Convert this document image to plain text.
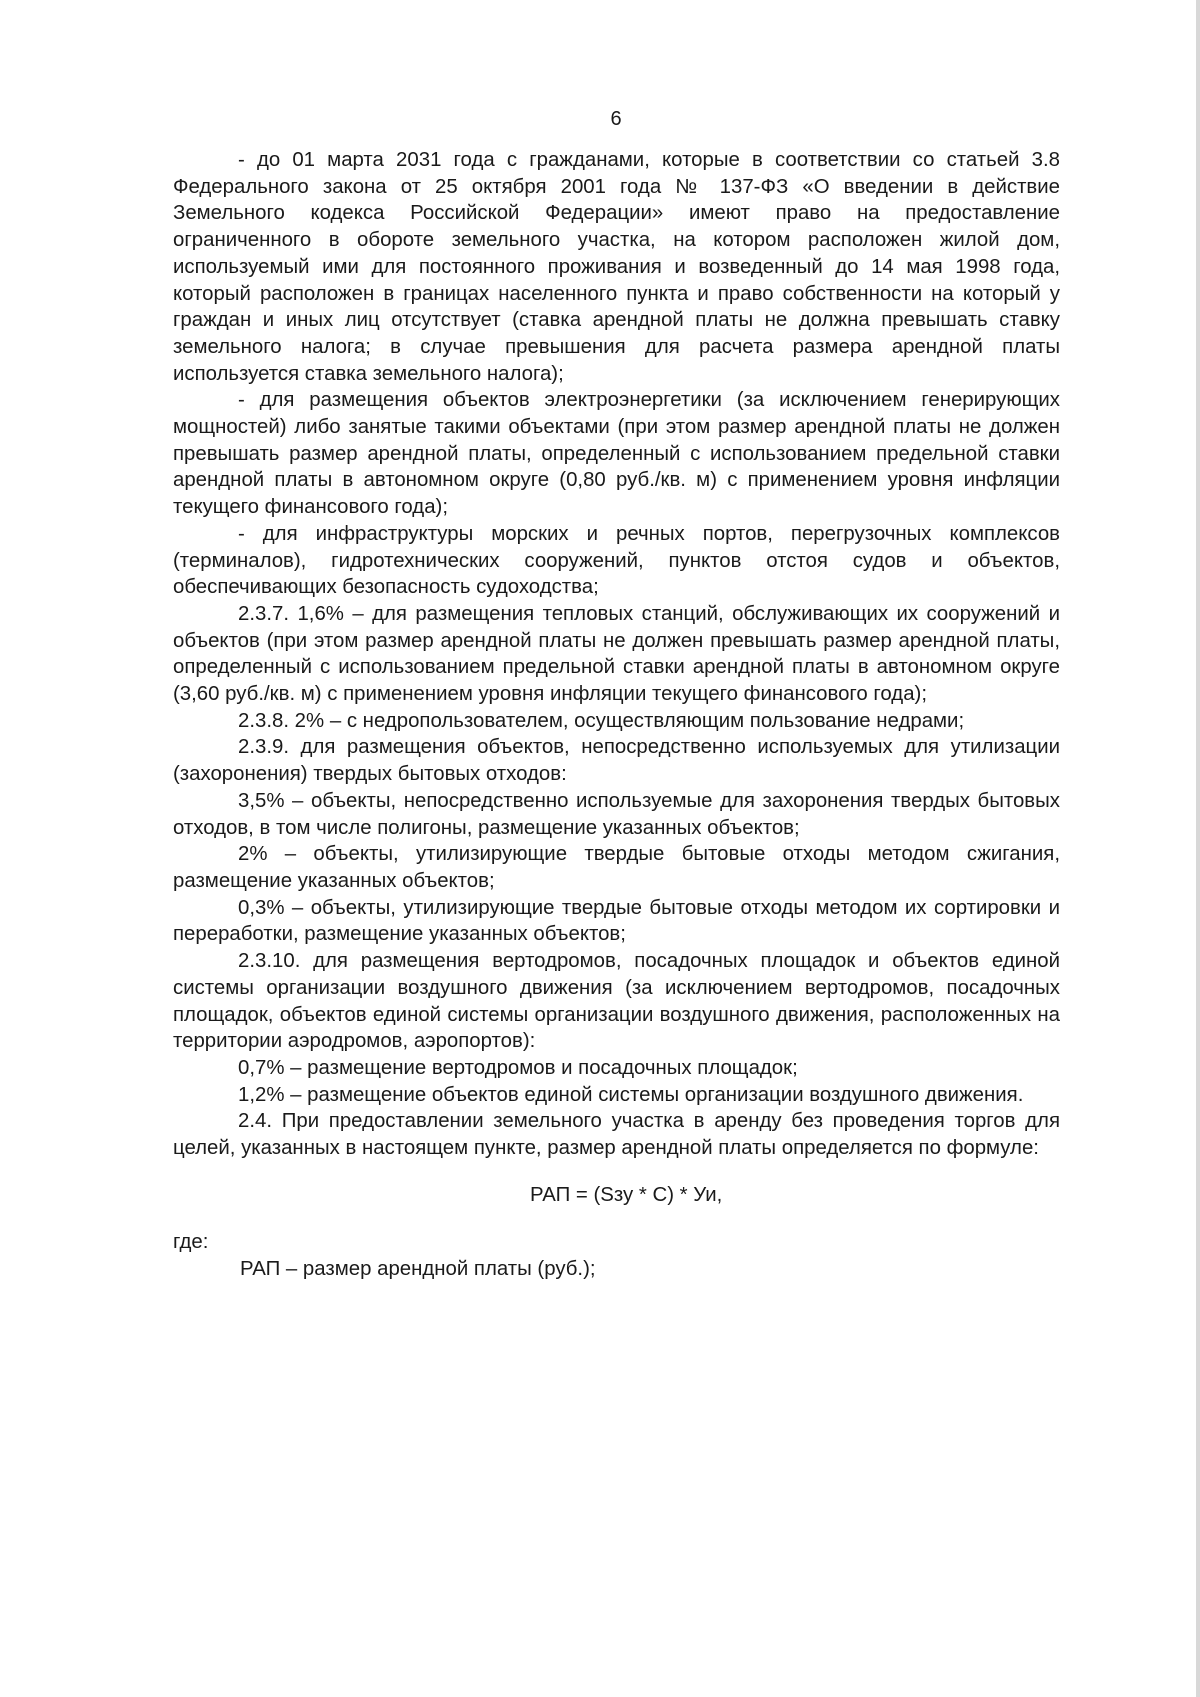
6

- до 01 марта 2031 года с гражданами, которые в соответствии со статьей 3.8 Федерального закона от 25 октября 2001 года № 137-ФЗ «О введении в действие Земельного кодекса Российской Федерации» имеют право на предоставление ограниченного в обороте земельного участка, на котором расположен жилой дом, используемый ими для постоянного проживания и возведенный до 14 мая 1998 года, который расположен в границах населенного пункта и право собственности на который у граждан и иных лиц отсутствует (ставка арендной платы не должна превышать ставку земельного налога; в случае превышения для расчета размера арендной платы используется ставка земельного налога);

- для размещения объектов электроэнергетики (за исключением генерирующих мощностей) либо занятые такими объектами (при этом размер арендной платы не должен превышать размер арендной платы, определенный с использованием предельной ставки арендной платы в автономном округе (0,80 руб./кв. м) с применением уровня инфляции текущего финансового года);

- для инфраструктуры морских и речных портов, перегрузочных комплексов (терминалов), гидротехнических сооружений, пунктов отстоя судов и объектов, обеспечивающих безопасность судоходства;

2.3.7. 1,6% – для размещения тепловых станций, обслуживающих их сооружений и объектов (при этом размер арендной платы не должен превышать размер арендной платы, определенный с использованием предельной ставки арендной платы в автономном округе (3,60 руб./кв. м) с применением уровня инфляции текущего финансового года);

2.3.8. 2% – с недропользователем, осуществляющим пользование недрами;

2.3.9. для размещения объектов, непосредственно используемых для утилизации (захоронения) твердых бытовых отходов:

3,5% – объекты, непосредственно используемые для захоронения твердых бытовых отходов, в том числе полигоны, размещение указанных объектов;

2% – объекты, утилизирующие твердые бытовые отходы методом сжигания, размещение указанных объектов;

0,3% – объекты, утилизирующие твердые бытовые отходы методом их сортировки и переработки, размещение указанных объектов;

2.3.10. для размещения вертодромов, посадочных площадок и объектов единой системы организации воздушного движения (за исключением вертодромов, посадочных площадок, объектов единой системы организации воздушного движения, расположенных на территории аэродромов, аэропортов):

0,7% – размещение вертодромов и посадочных площадок;

1,2% – размещение объектов единой системы организации воздушного движения.

2.4. При предоставлении земельного участка в аренду без проведения торгов для целей, указанных в настоящем пункте, размер арендной платы определяется по формуле:

РАП = (Sзу * С) * Уи,

где:

РАП – размер арендной платы (руб.);
